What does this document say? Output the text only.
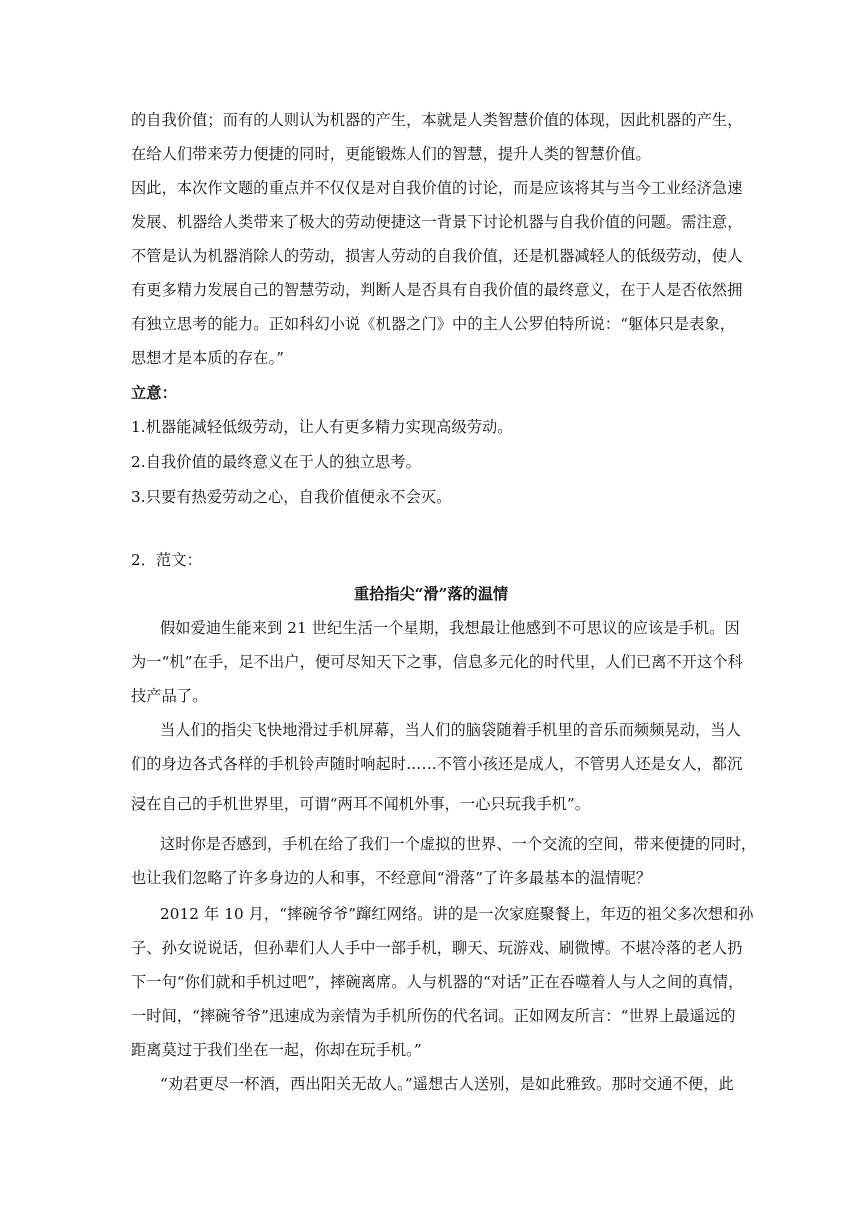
的自我价值；而有的人则认为机器的产生，本就是人类智慧价值的体现，因此机器的产生，
在给人们带来劳力便捷的同时，更能锻炼人们的智慧，提升人类的智慧价值。
因此，本次作文题的重点并不仅仅是对自我价值的讨论，而是应该将其与当今工业经济急速
发展、机器给人类带来了极大的劳动便捷这一背景下讨论机器与自我价值的问题。需注意，
不管是认为机器消除人的劳动，损害人劳动的自我价值，还是机器减轻人的低级劳动，使人
有更多精力发展自己的智慧劳动，判断人是否具有自我价值的最终意义，在于人是否依然拥
有独立思考的能力。正如科幻小说《机器之门》中的主人公罗伯特所说：“躯体只是表象，
思想才是本质的存在。”
立意：
1.机器能减轻低级劳动，让人有更多精力实现高级劳动。
2.自我价值的最终意义在于人的独立思考。
3.只要有热爱劳动之心，自我价值便永不会灭。
2．范文：
重拾指尖“滑”落的温情
假如爱迪生能来到 21 世纪生活一个星期，我想最让他感到不可思议的应该是手机。因
为一“机”在手，足不出户，便可尽知天下之事，信息多元化的时代里，人们已离不开这个科
技产品了。
当人们的指尖飞快地滑过手机屏幕，当人们的脑袋随着手机里的音乐而频频晃动，当人
们的身边各式各样的手机铃声随时响起时……不管小孩还是成人，不管男人还是女人，都沉
浸在自己的手机世界里，可谓“两耳不闻机外事，一心只玩我手机”。
这时你是否感到，手机在给了我们一个虚拟的世界、一个交流的空间，带来便捷的同时，
也让我们忽略了许多身边的人和事，不经意间“滑落”了许多最基本的温情呢？
2012 年 10 月，“摔碗爷爷”蹿红网络。讲的是一次家庭聚餐上，年迈的祖父多次想和孙
子、孙女说说话，但孙辈们人人手中一部手机，聊天、玩游戏、刷微博。不堪冷落的老人扔
下一句“你们就和手机过吧”，摔碗离席。人与机器的“对话”正在吞噬着人与人之间的真情，
一时间，“摔碗爷爷”迅速成为亲情为手机所伤的代名词。正如网友所言：“世界上最遥远的
距离莫过于我们坐在一起，你却在玩手机。”
“劝君更尽一杯酒，西出阳关无故人。”遥想古人送别，是如此雅致。那时交通不便，此
